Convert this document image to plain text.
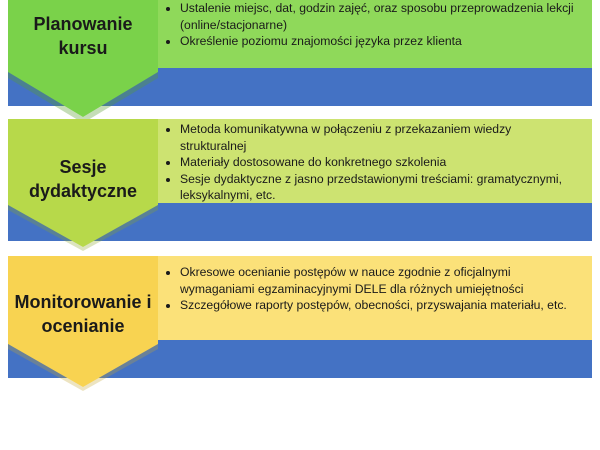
Planowanie kursu
• Ustalenie miejsc, dat, godzin zajęć, oraz sposobu przeprowadzenia lekcji (online/stacjonarne)
• Określenie poziomu znajomości języka przez klienta
Sesje dydaktyczne
• Metoda komunikatywna w połączeniu z przekazaniem wiedzy strukturalnej
• Materiały dostosowane do konkretnego szkolenia
• Sesje dydaktyczne z jasno przedstawionymi treściami: gramatycznymi, leksykalnymi, etc.
Monitorowanie i ocenianie
• Okresowe ocenianie postępów w nauce zgodnie z oficjalnymi wymaganiami egzaminacyjnymi DELE dla różnych umiejętności
• Szczegółowe raporty postępów, obecności, przyswajania materiału, etc.
